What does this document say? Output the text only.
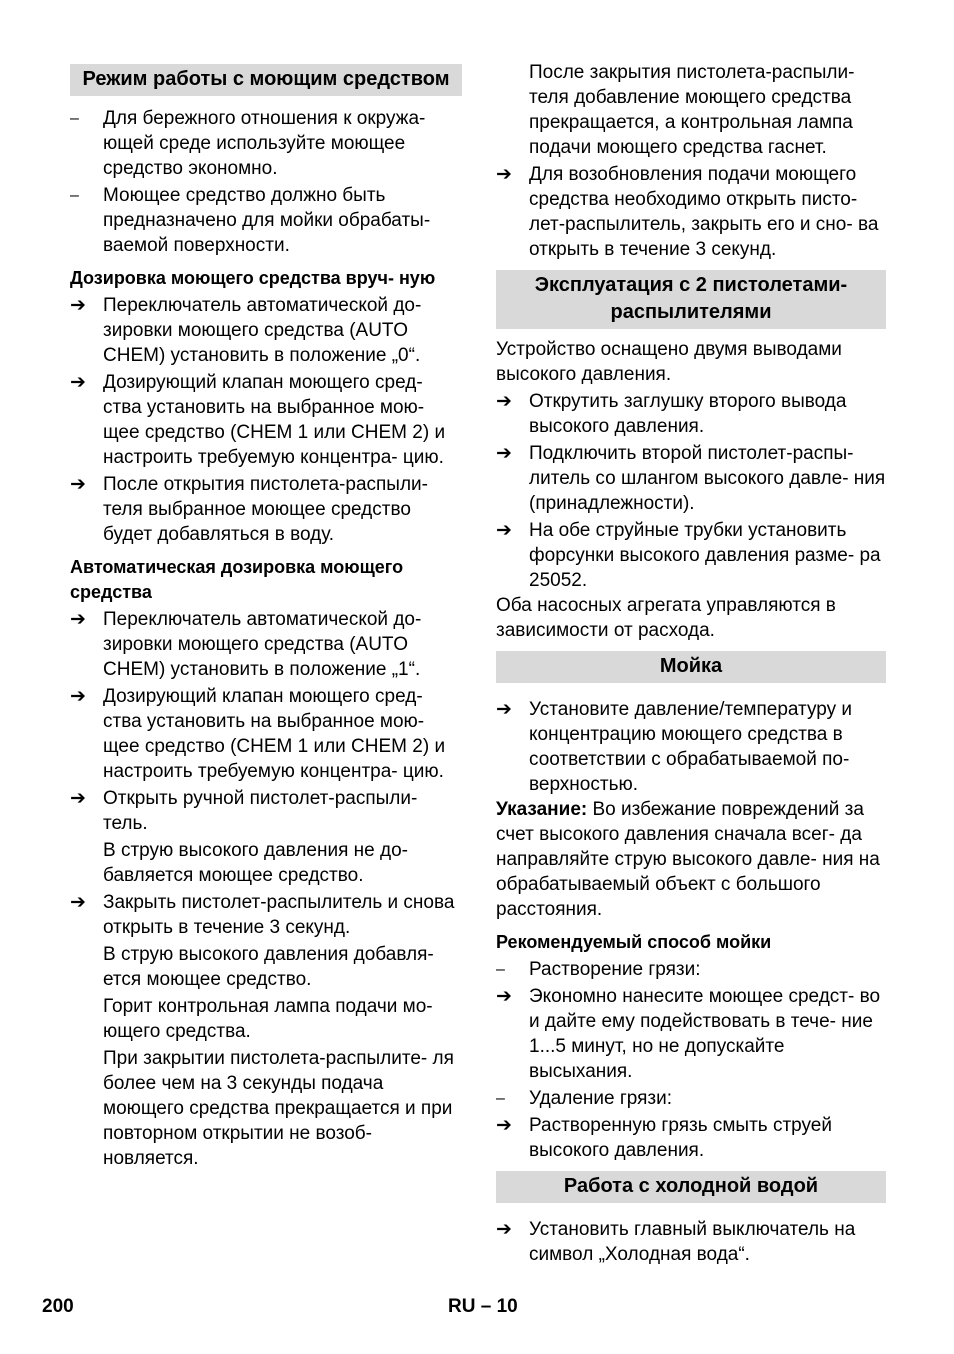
Режим работы с моющим средством
–	Для бережного отношения к окружа- ющей среде используйте моющее средство экономно.
–	Моющее средство должно быть предназначено для мойки обрабаты- ваемой поверхности.
Дозировка моющего средства вруч- ную
➔ Переключатель автоматической до- зировки моющего средства (AUTO CHEM) установить в положение „0“.
➔ Дозирующий клапан моющего сред- ства установить на выбранное мою- щее средство (CHEM 1 или CHEM 2) и настроить требуемую концентра- цию.
➔ После открытия пистолета-распыли- теля выбранное моющее средство будет добавляться в воду.
Автоматическая дозировка моющего средства
➔ Переключатель автоматической до- зировки моющего средства (AUTO CHEM) установить в положение „1“.
➔ Дозирующий клапан моющего сред- ства установить на выбранное мою- щее средство (CHEM 1 или CHEM 2) и настроить требуемую концентра- цию.
➔ Открыть ручной пистолет-распыли- тель.
В струю высокого давления не до- бавляется моющее средство.
➔ Закрыть пистолет-распылитель и снова открыть в течение 3 секунд.
В струю высокого давления добавля- ется моющее средство.
Горит контрольная лампа подачи мо- ющего средства.
При закрытии пистолета-распылите- ля более чем на 3 секунды подача моющего средства прекращается и при повторном открытии не возоб- новляется.
После закрытия пистолета-распыли- теля добавление моющего средства прекращается, а контрольная лампа подачи моющего средства гаснет.
➔ Для возобновления подачи моющего средства необходимо открыть писто- лет-распылитель, закрыть его и сно- ва открыть в течение 3 секунд.
Эксплуатация с 2 пистолетами-распылителями
Устройство оснащено двумя выводами высокого давления.
➔ Открутить заглушку второго вывода высокого давления.
➔ Подключить второй пистолет-распы- литель со шлангом высокого давле- ния (принадлежности).
➔ На обе струйные трубки установить форсунки высокого давления разме- ра 25052.
Оба насосных агрегата управляются в зависимости от расхода.
Мойка
➔ Установите давление/температуру и концентрацию моющего средства в соответствии с обрабатываемой по- верхностью.
Указание: Во избежание повреждений за счет высокого давления сначала всег- да направляйте струю высокого давле- ния на обрабатываемый объект с большого расстояния.
Рекомендуемый способ мойки
–	Растворение грязи:
➔ Экономно нанесите моющее средст- во и дайте ему подействовать в тече- ние 1...5 минут, но не допускайте высыхания.
–	Удаление грязи:
➔ Растворенную грязь смыть струей высокого давления.
Работа с холодной водой
➔ Установить главный выключатель на символ „Холодная вода“.
200	RU – 10
